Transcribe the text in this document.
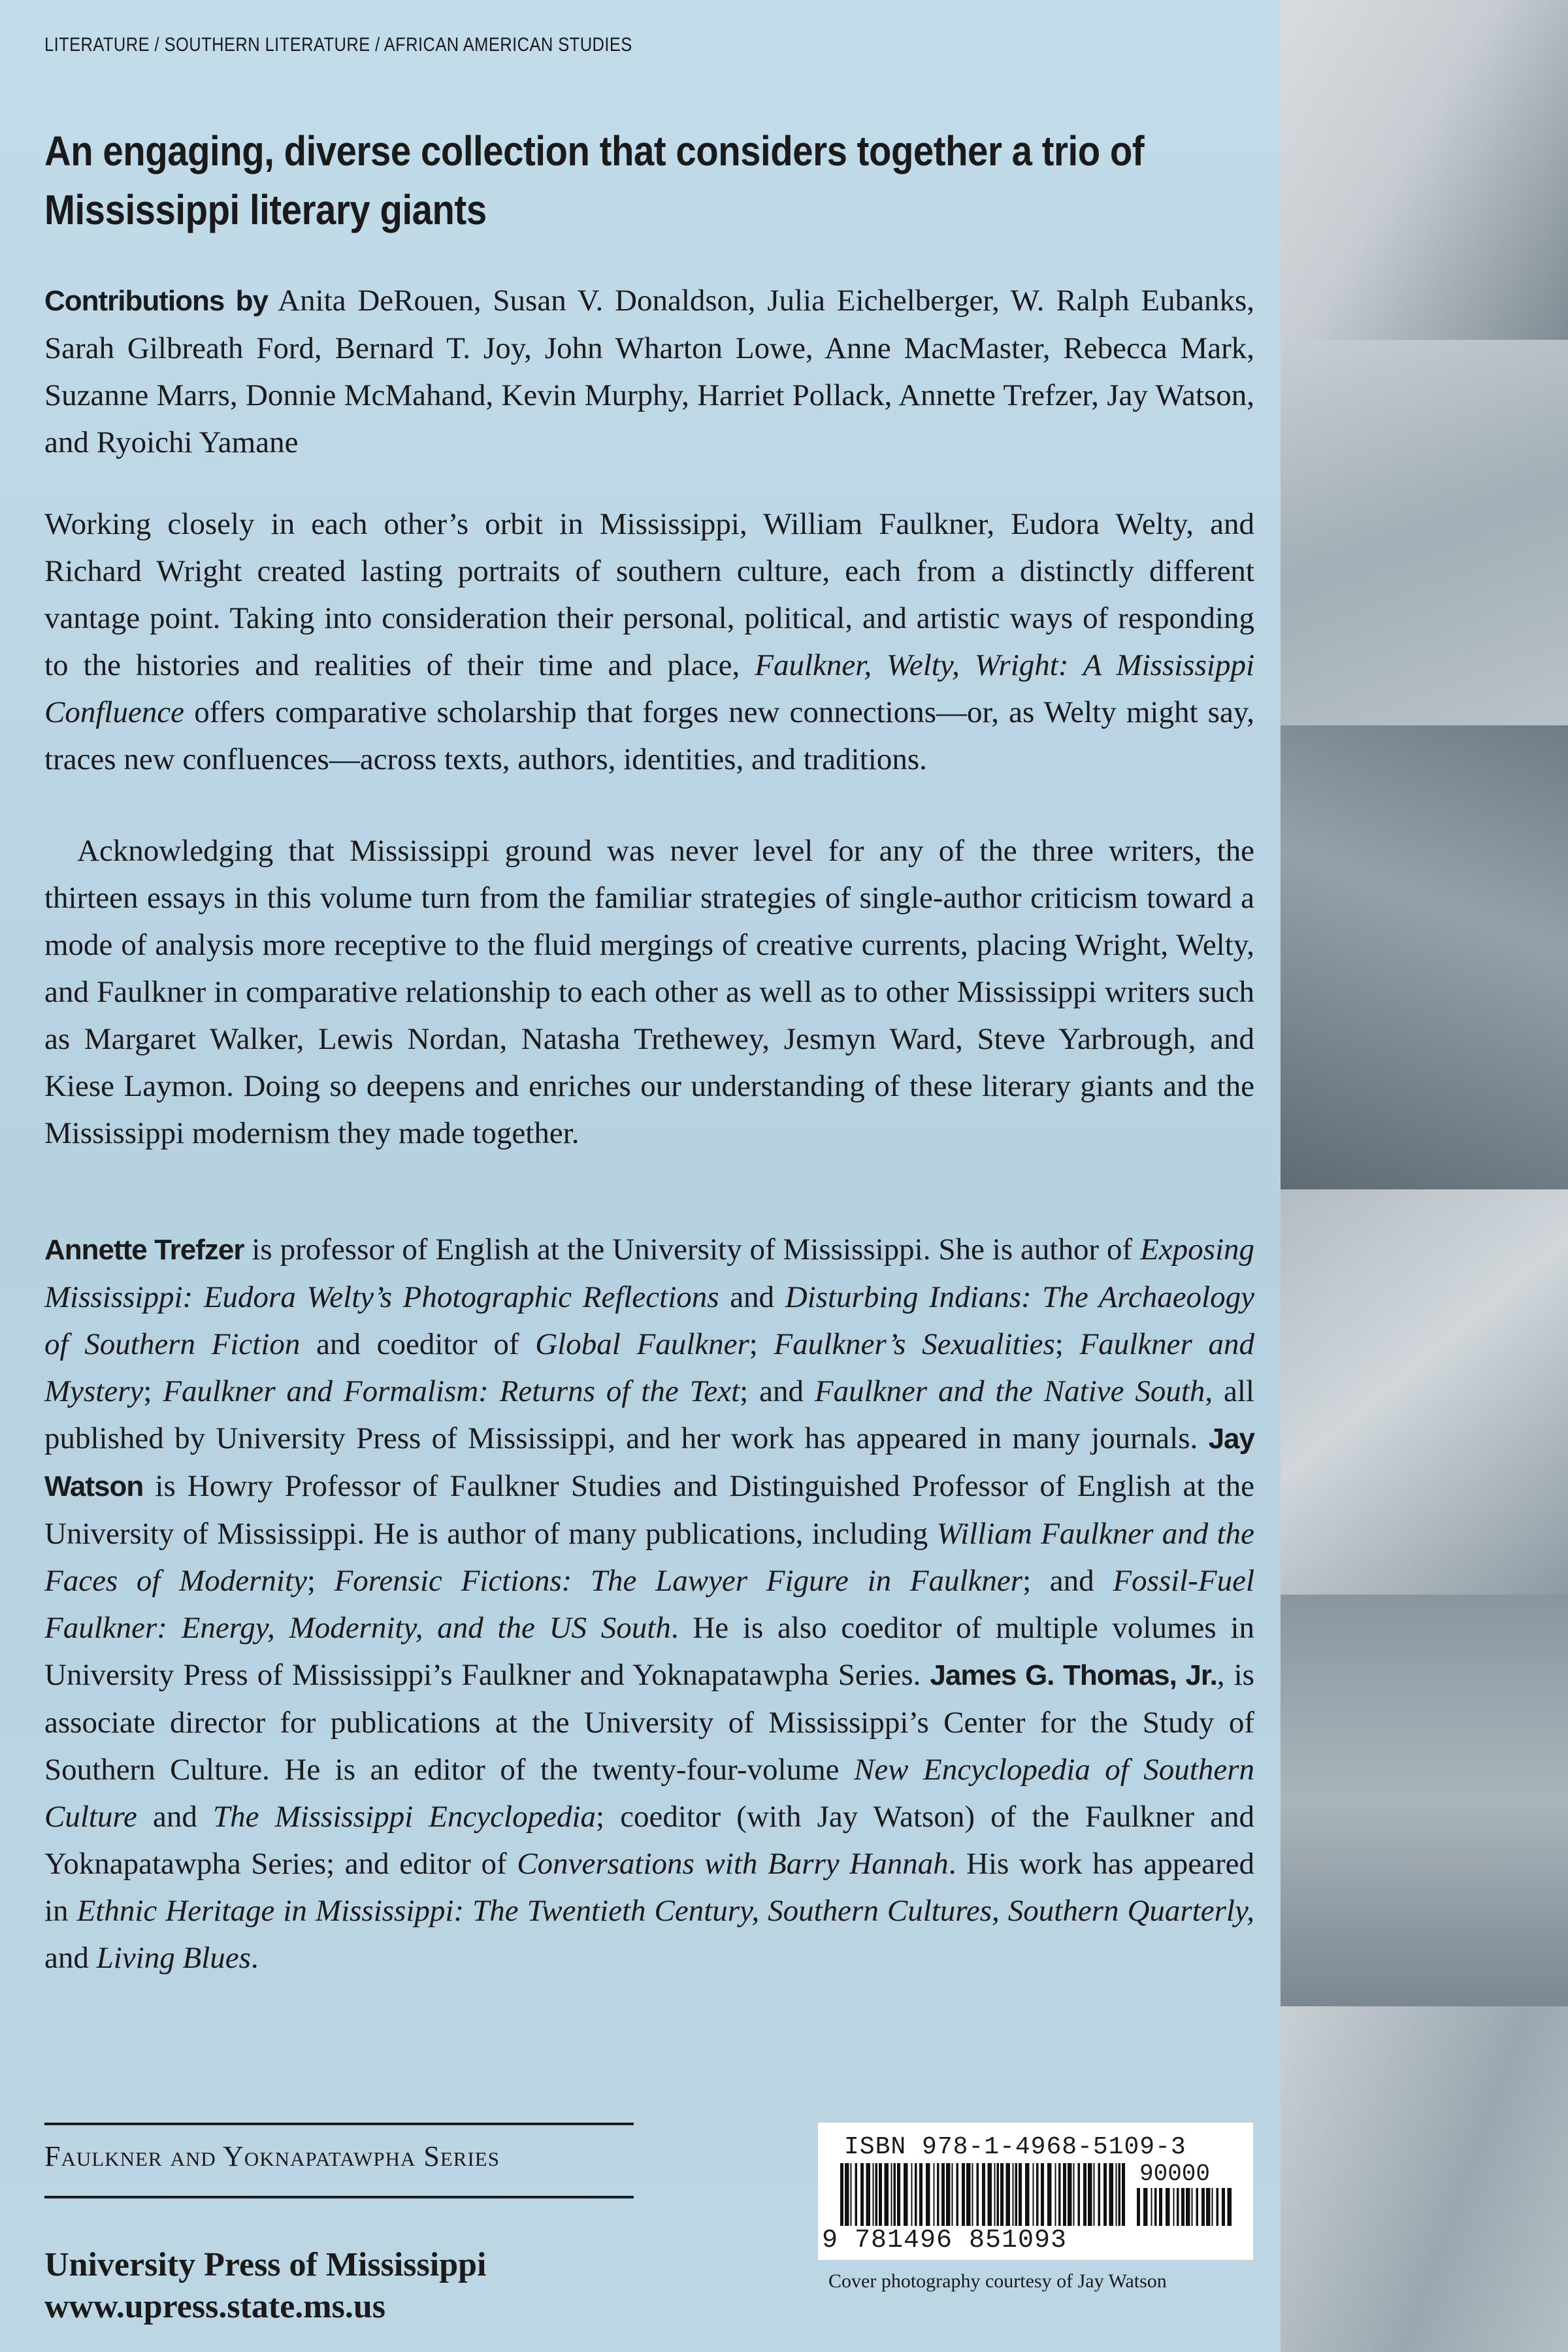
LITERATURE / SOUTHERN LITERATURE / AFRICAN AMERICAN STUDIES
An engaging, diverse collection that considers together a trio of Mississippi literary giants
Contributions by Anita DeRouen, Susan V. Donaldson, Julia Eichelberger, W. Ralph Eubanks, Sarah Gilbreath Ford, Bernard T. Joy, John Wharton Lowe, Anne MacMaster, Rebecca Mark, Suzanne Marrs, Donnie McMahand, Kevin Murphy, Harriet Pollack, Annette Trefzer, Jay Watson, and Ryoichi Yamane
Working closely in each other’s orbit in Mississippi, William Faulkner, Eudora Welty, and Richard Wright created lasting portraits of southern culture, each from a distinctly different vantage point. Taking into consideration their personal, political, and artistic ways of responding to the histories and realities of their time and place, Faulkner, Welty, Wright: A Mississippi Confluence offers comparative scholarship that forges new connections—or, as Welty might say, traces new confluences—across texts, authors, identities, and traditions.
Acknowledging that Mississippi ground was never level for any of the three writers, the thirteen essays in this volume turn from the familiar strategies of single-author criticism toward a mode of analysis more receptive to the fluid mergings of creative currents, placing Wright, Welty, and Faulkner in comparative relationship to each other as well as to other Mississippi writers such as Margaret Walker, Lewis Nordan, Natasha Trethewey, Jesmyn Ward, Steve Yarbrough, and Kiese Laymon. Doing so deepens and enriches our understanding of these literary giants and the Mississippi modernism they made together.
Annette Trefzer is professor of English at the University of Mississippi. She is author of Exposing Mississippi: Eudora Welty’s Photographic Reflections and Disturbing Indians: The Archaeology of Southern Fiction and coeditor of Global Faulkner; Faulkner’s Sexualities; Faulkner and Mystery; Faulkner and Formalism: Returns of the Text; and Faulkner and the Native South, all published by University Press of Mississippi, and her work has appeared in many journals. Jay Watson is Howry Professor of Faulkner Studies and Distinguished Professor of English at the University of Mississippi. He is author of many publications, including William Faulkner and the Faces of Modernity; Forensic Fictions: The Lawyer Figure in Faulkner; and Fossil-Fuel Faulkner: Energy, Modernity, and the US South. He is also coeditor of multiple volumes in University Press of Mississippi’s Faulkner and Yoknapatawpha Series. James G. Thomas, Jr., is associate director for publications at the University of Mississippi’s Center for the Study of Southern Culture. He is an editor of the twenty-four-volume New Encyclopedia of Southern Culture and The Mississippi Encyclopedia; coeditor (with Jay Watson) of the Faulkner and Yoknapatawpha Series; and editor of Conversations with Barry Hannah. His work has appeared in Ethnic Heritage in Mississippi: The Twentieth Century, Southern Cultures, Southern Quarterly, and Living Blues.
Faulkner and Yoknapatawpha Series
University Press of Mississippi
www.upress.state.ms.us
ISBN 978-1-4968-5109-3
90000
9 781496 851093
Cover photography courtesy of Jay Watson
